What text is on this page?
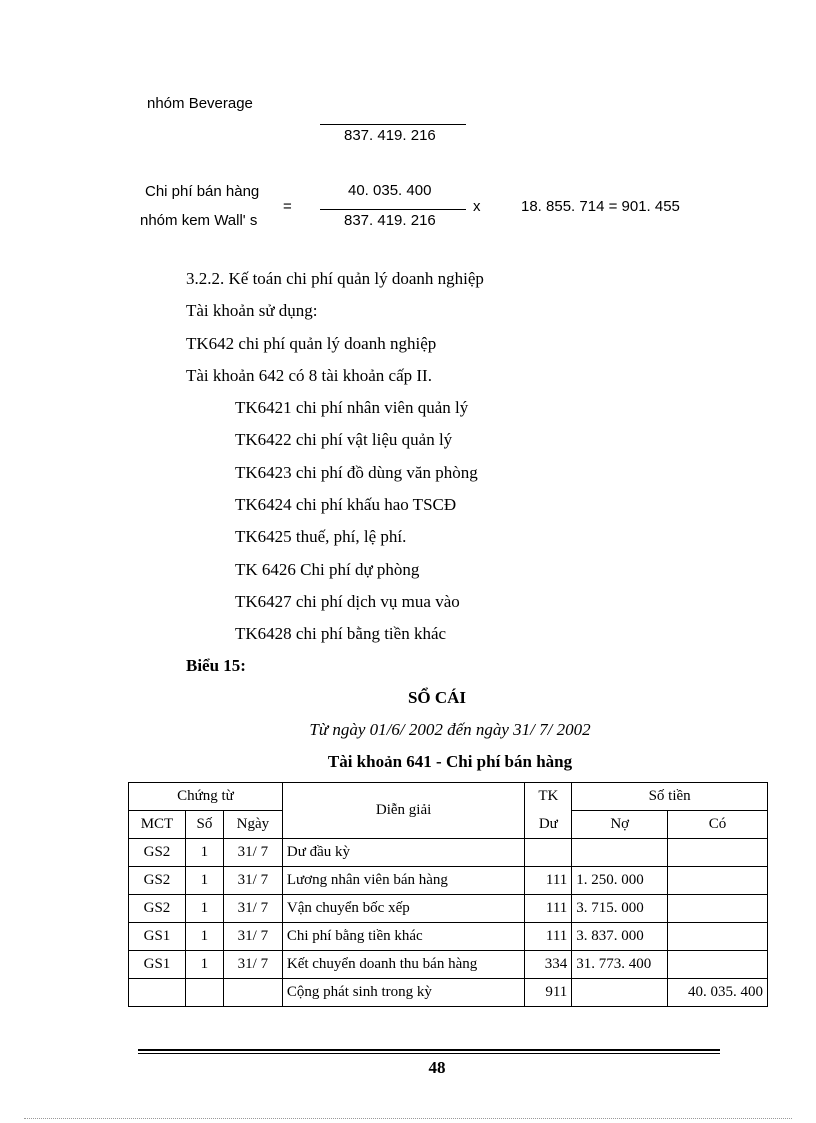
nhóm Beverage
837. 419. 216
Chi phí bán hàng
nhóm kem Wall' s
=
40. 035. 400
837. 419. 216
x	18. 855. 714 = 901. 455
3.2.2. Kế toán chi phí quản lý doanh nghiệp
Tài khoản sử dụng:
TK642 chi phí quản lý doanh nghiệp
Tài khoản 642 có 8 tài khoản cấp II.
TK6421 chi phí nhân viên quản lý
TK6422 chi phí vật liệu quản lý
TK6423 chi phí đồ dùng văn phòng
TK6424 chi phí khấu hao TSCĐ
TK6425 thuế, phí, lệ phí.
TK 6426 Chi phí dự phòng
TK6427 chi phí dịch vụ mua vào
TK6428 chi phí bằng tiền khác
Biểu 15:
SỔ CÁI
Từ ngày 01/6/ 2002 đến ngày 31/ 7/ 2002
Tài khoản 641 - Chi phí bán hàng
Chứng từ			Diễn giải	TK	Số tiền	
MCT	Số	Ngày		Dư	Nợ	Có
GS2	1	31/ 7	Dư đầu kỳ			
GS2	1	31/ 7	Lương nhân viên bán hàng	111	1. 250. 000	
GS2	1	31/ 7	Vận chuyển bốc xếp	111	3. 715. 000	
GS1	1	31/ 7	Chi phí bằng tiền khác	111	3. 837. 000	
GS1	1	31/ 7	Kết chuyển doanh thu bán hàng	334	31. 773. 400	
			Cộng phát sinh trong kỳ	911		40. 035. 400
48
